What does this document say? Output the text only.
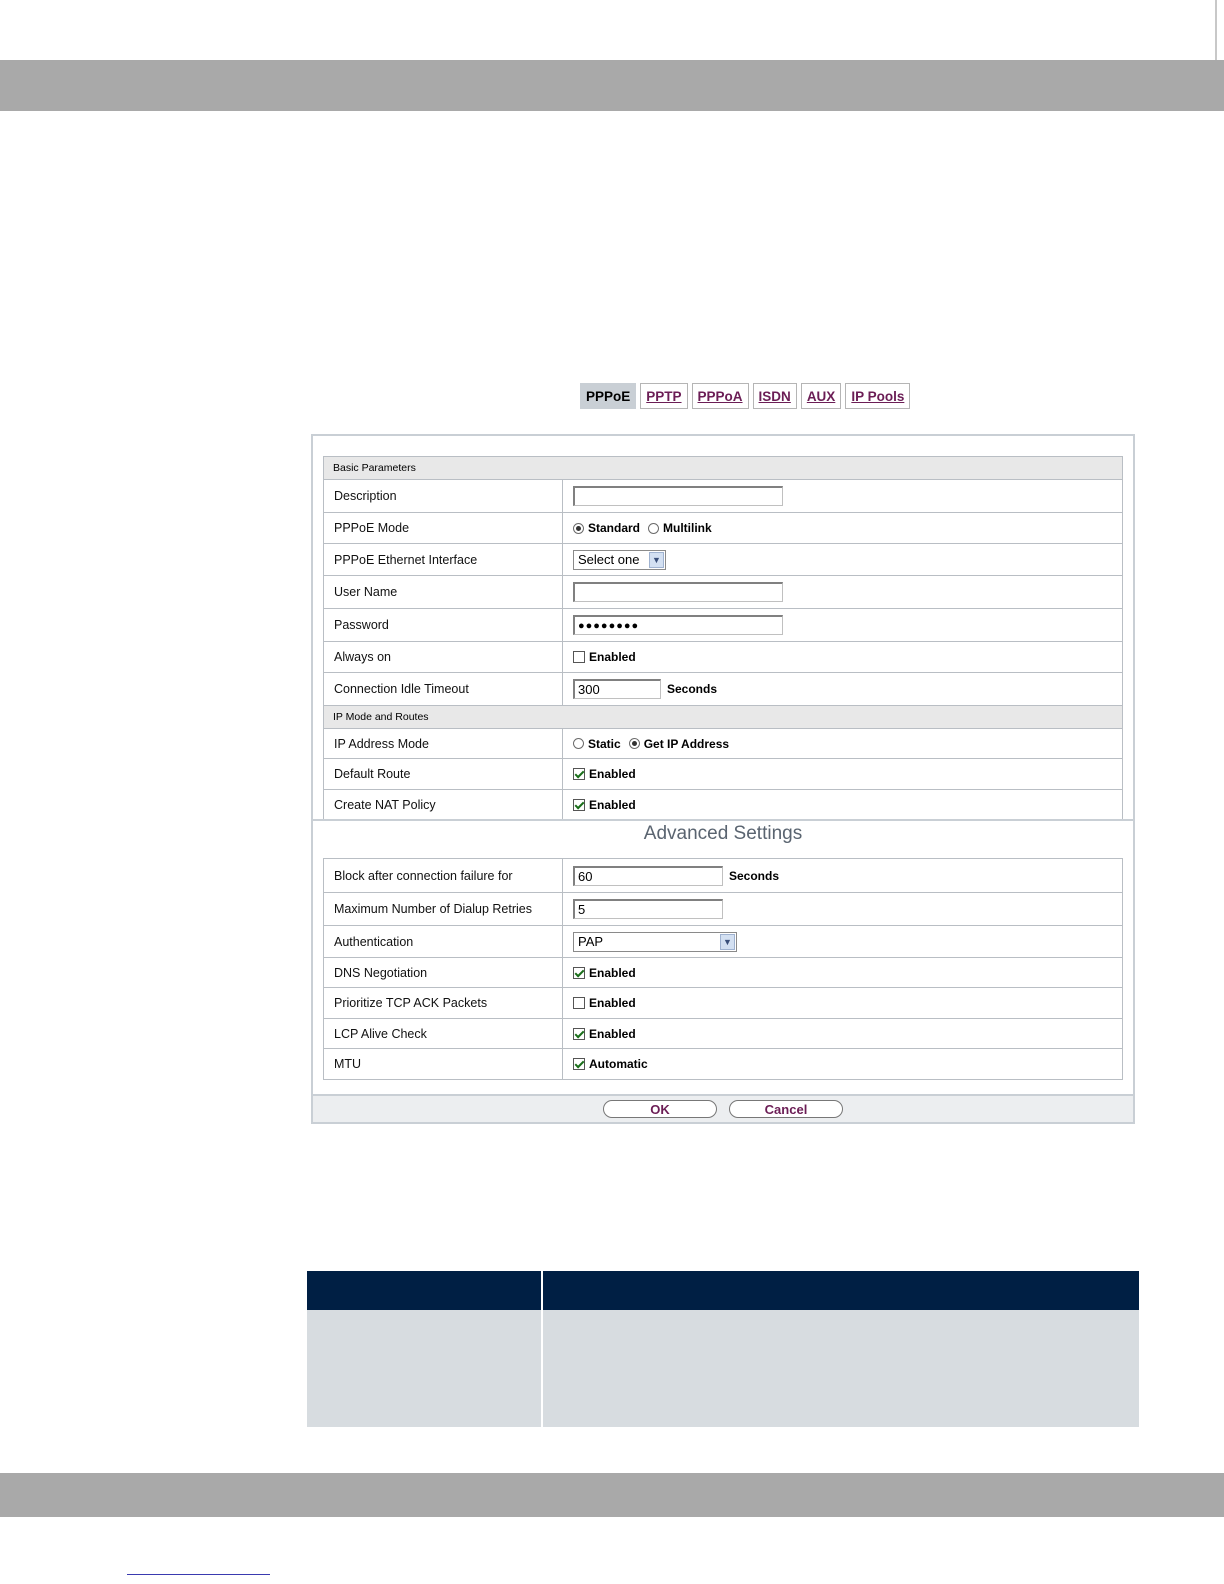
PPPoE	PPTP	PPPoA	ISDN	AUX	IP Pools
Basic Parameters
Description
PPPoE Mode	Standard Multilink
PPPoE Ethernet Interface	Select one	▼
User Name
Password	●●●●●●●●
Always on	Enabled
Connection Idle Timeout	300	Seconds
IP Mode and Routes
IP Address Mode	Static Get IP Address
Default Route	Enabled
Create NAT Policy	Enabled
Advanced Settings
Block after connection failure for	60	Seconds
Maximum Number of Dialup Retries	5
Authentication	PAP	▼
DNS Negotiation	Enabled
Prioritize TCP ACK Packets	Enabled
LCP Alive Check	Enabled
MTU	Automatic
OK	Cancel
